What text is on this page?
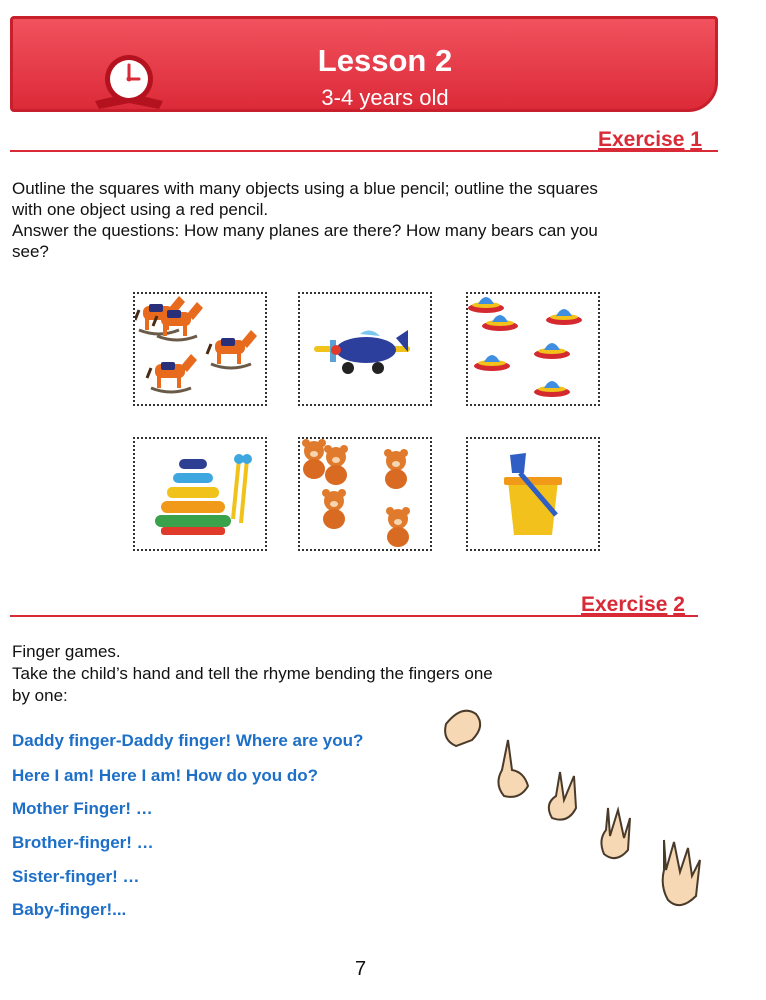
Lesson 2
3-4 years old
Exercise 1
Outline the squares with many objects using a blue pencil; outline the squares
with one object using a red pencil.
Answer the questions: How many planes are there? How many bears can you
see?
Exercise 2
Finger games.
Take the child’s hand and tell the rhyme bending the fingers one
by one:
Daddy finger-Daddy finger! Where are you?
Here I am! Here I am! How do you do?
Mother Finger! …
Brother-finger! …
Sister-finger! …
Baby-finger!...
7
